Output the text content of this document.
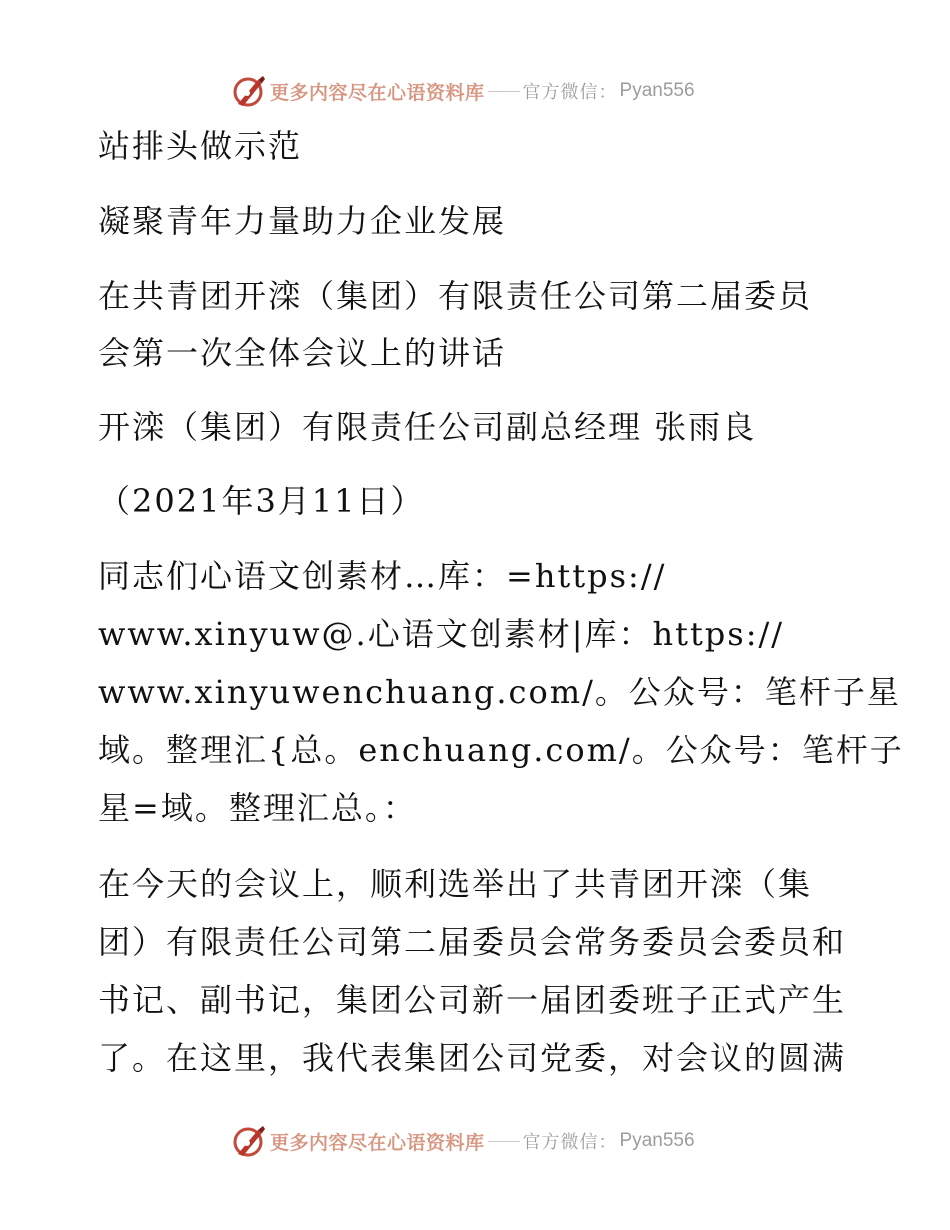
更多内容尽在心语资料库 官方微信： Pyan556
站排头做示范
凝聚青年力量助力企业发展
在共青团开滦（集团）有限责任公司第二届委员
会第一次全体会议上的讲话
开滦（集团）有限责任公司副总经理 张雨良
（2021年3月11日）
同志们心语文创素材…库：=https://
www.xinyuw@.心语文创素材|库：https://
www.xinyuwenchuang.com/。公众号：笔杆子星
域。整理汇{总。enchuang.com/。公众号：笔杆子
星=域。整理汇总。：
在今天的会议上，顺利选举出了共青团开滦（集
团）有限责任公司第二届委员会常务委员会委员和
书记、副书记，集团公司新一届团委班子正式产生
了。在这里，我代表集团公司党委，对会议的圆满
更多内容尽在心语资料库 官方微信： Pyan556
